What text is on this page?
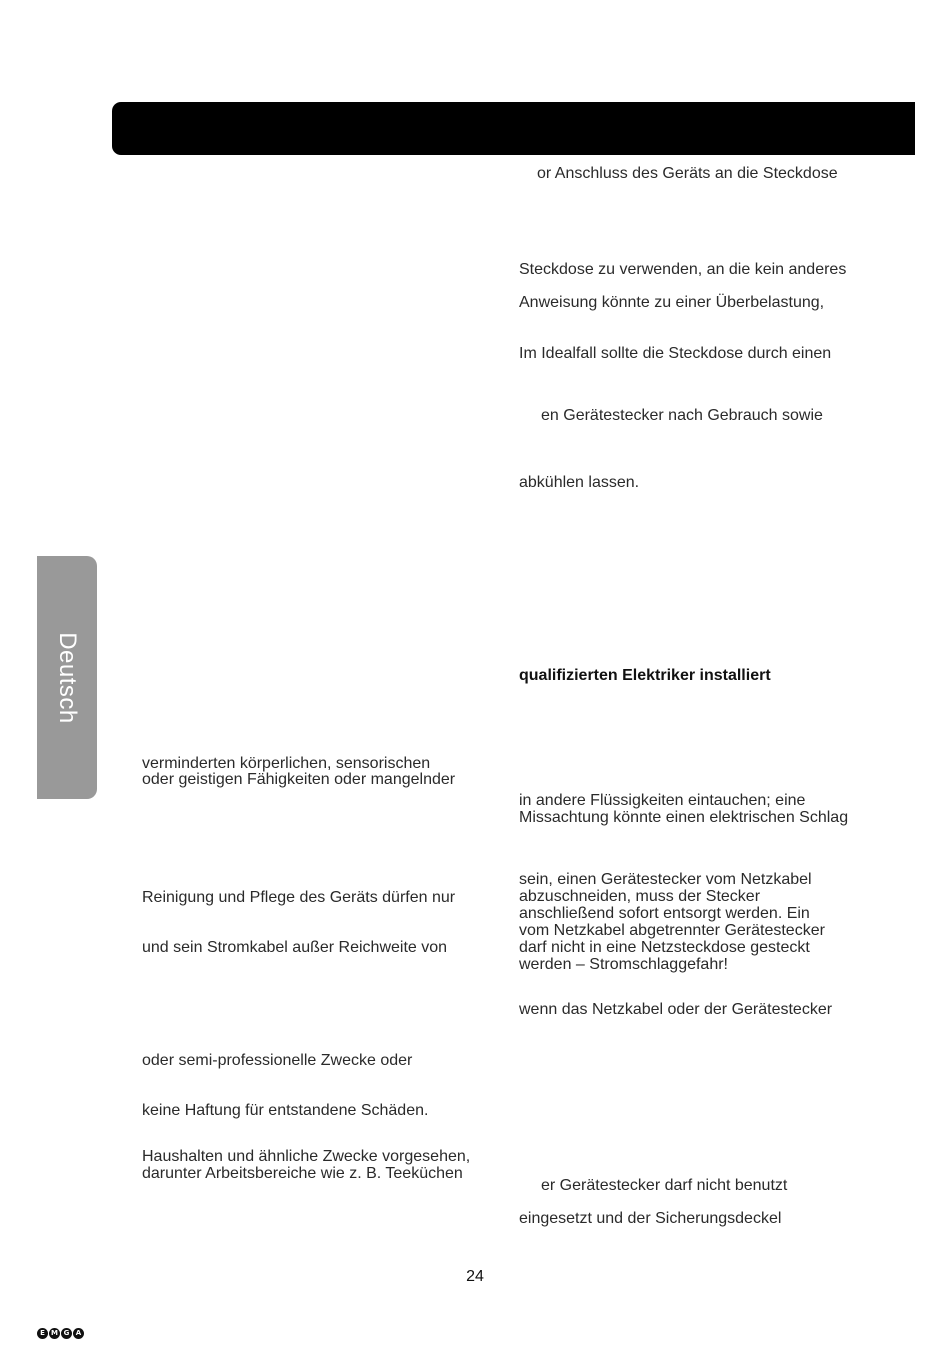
Deutsch
verminderten körperlichen, sensorischen
oder geistigen Fähigkeiten oder mangelnder
Reinigung und Pflege des Geräts dürfen nur
und sein Stromkabel außer Reichweite von
oder semi-professionelle Zwecke oder
keine Haftung für entstandene Schäden.
Haushalten und ähnliche Zwecke vorgesehen,
darunter Arbeitsbereiche wie z. B. Teeküchen
or Anschluss des Geräts an die Steckdose
Steckdose zu verwenden, an die kein anderes
Anweisung könnte zu einer Überbelastung,
Im Idealfall sollte die Steckdose durch einen
en Gerätestecker nach Gebrauch sowie
abkühlen lassen.
qualifizierten Elektriker installiert
in andere Flüssigkeiten eintauchen; eine
Missachtung könnte einen elektrischen Schlag
sein, einen Gerätestecker vom Netzkabel
abzuschneiden, muss der Stecker
anschließend sofort entsorgt werden. Ein
vom Netzkabel abgetrennter Gerätestecker
darf nicht in eine Netzsteckdose gesteckt
werden – Stromschlaggefahr!
wenn das Netzkabel oder der Gerätestecker
er Gerätestecker darf nicht benutzt
eingesetzt und der Sicherungsdeckel
24
E M G A
